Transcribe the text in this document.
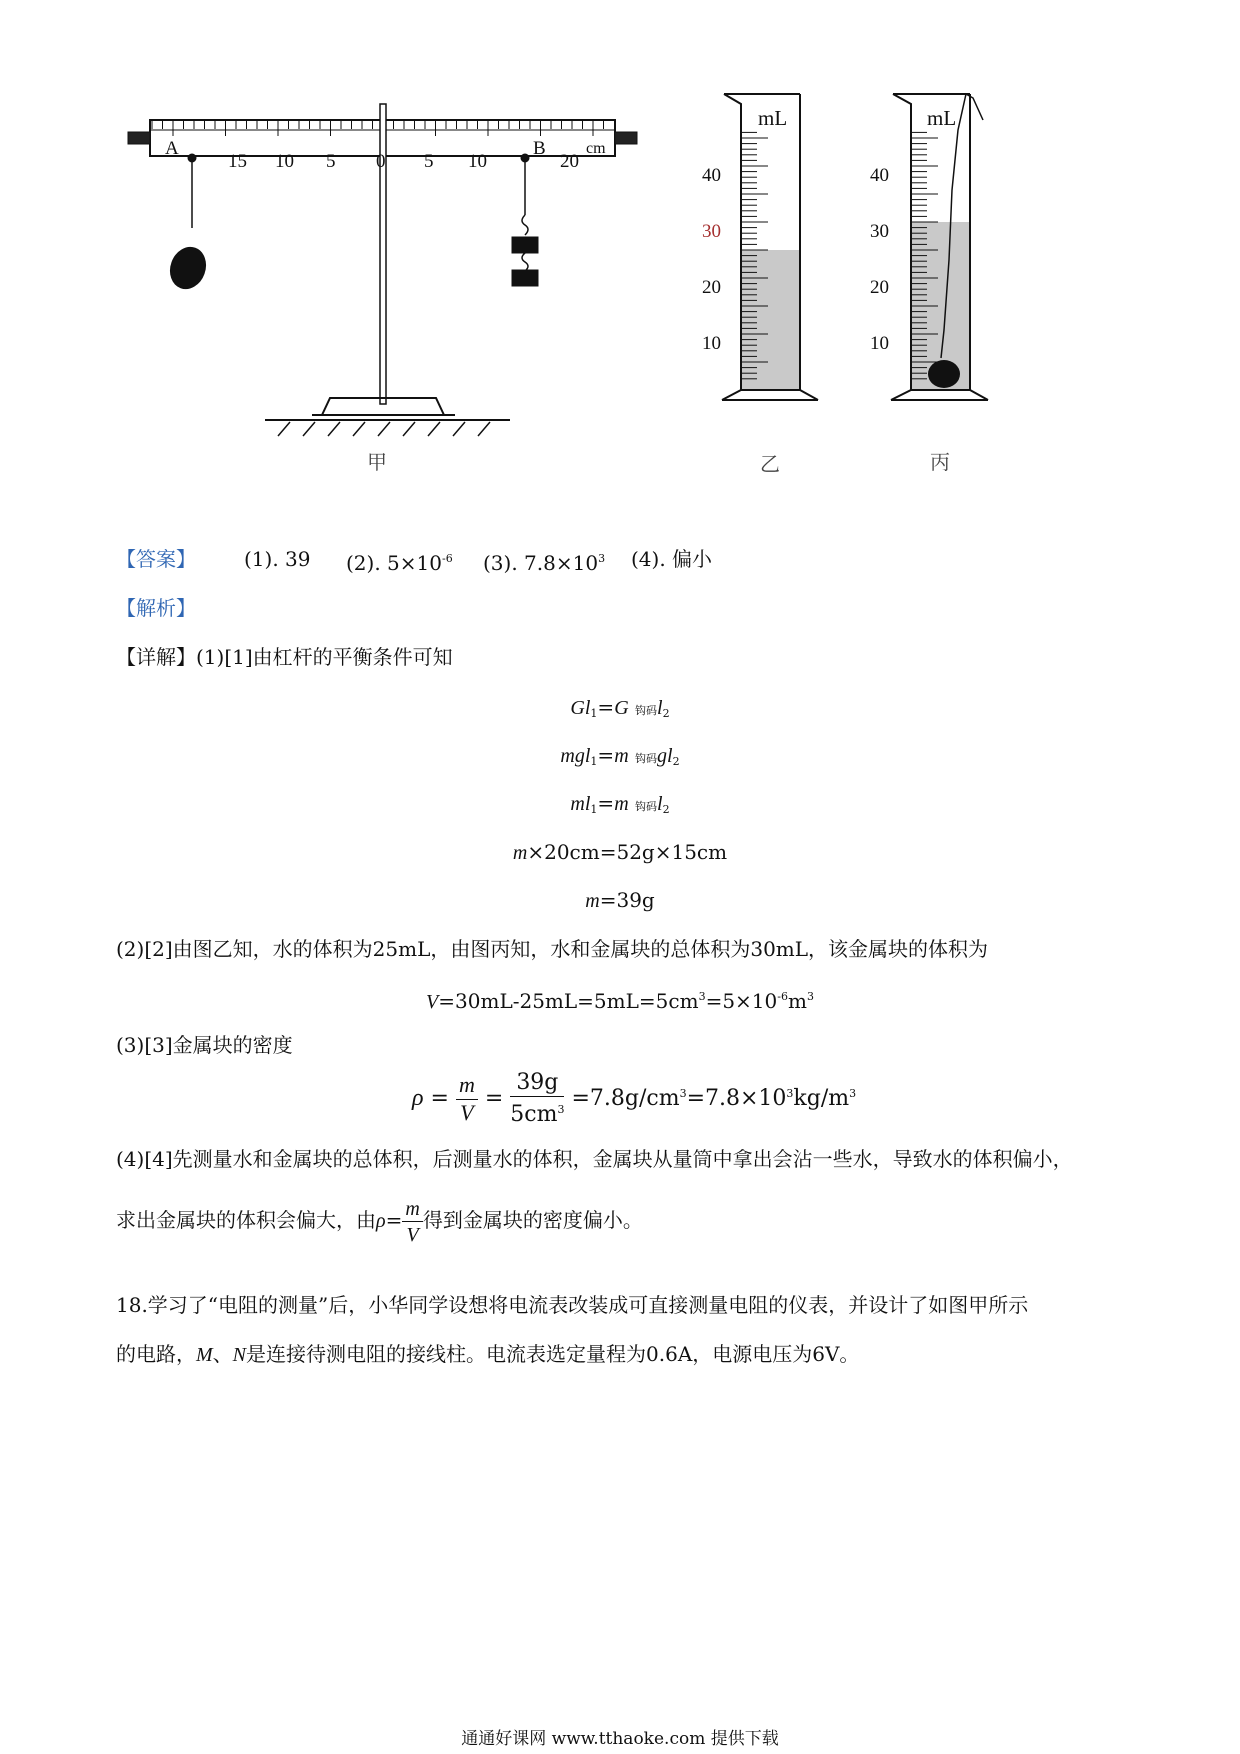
A	B
15 10 5 0 5 10	20
cm
mL
40
30
20
10
mL
40
30
20
10
甲	乙	丙
【答案】 (1). 39 (2). $5\times 10^{-6}$ (3). $7.8\times 10^3$ (4). 偏小
【解析】
【详解】(1)[1]由杠杆的平衡条件可知
$Gl_1=G$ 钩码$l_2$
mgl$_1$=m 钩码$gl_2$
$ml_1=m$ 钩码$l_2$
m×20cm=52g×15cm
m=39g
(2)[2]由图乙知，水的体积为25mL，由图丙知，水和金属块的总体积为30mL，该金属块的体积为
$V=30mL-25mL=5mL=5cm^3=5\times 10^{-6}m^3$
(3)[3]金属块的密度
$\rho = \frac{m}{V} = \frac{39g}{5cm^3} =7.8g/cm^3=7.8\times 10^3kg/m^3$
(4)[4]先测量水和金属块的总体积，后测量水的体积，金属块从量筒中拿出会沾一些水，导致水的体积偏小，
求出金属块的体积会偏大，由$\rho= \frac{m}{V}$ 得到金属块的密度偏小。
18.学习了“电阻的测量”后，小华同学设想将电流表改装成可直接测量电阻的仪表，并设计了如图甲所示
的电路，M、N是连接待测电阻的接线柱。电流表选定量程为0.6A，电源电压为6V。
通通好课网 www.tthaoke.com 提供下载
